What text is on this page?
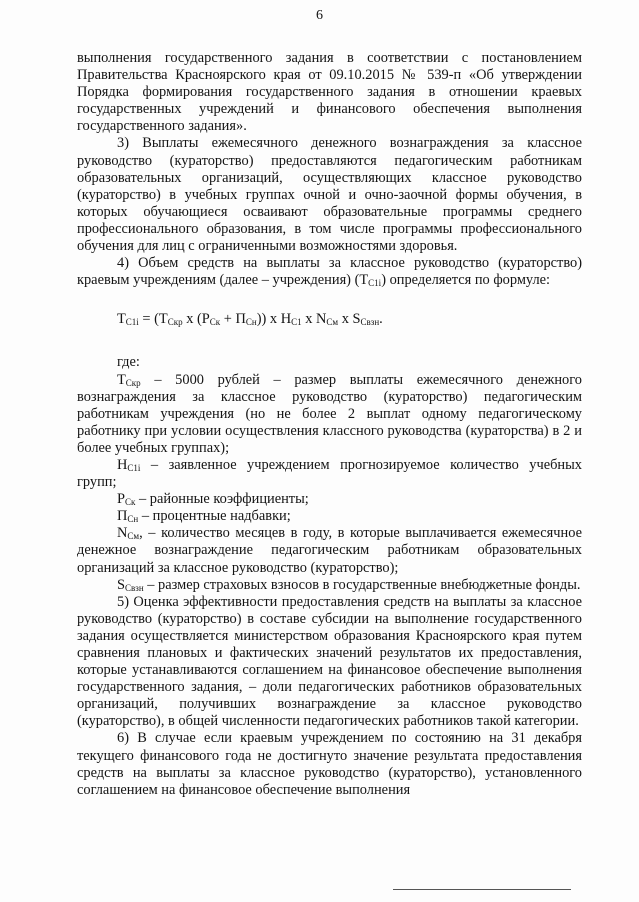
6

выполнения государственного задания в соответствии с постановлением Правительства Красноярского края от 09.10.2015 № 539-п «Об утверждении Порядка формирования государственного задания в отношении краевых государственных учреждений и финансового обеспечения выполнения государственного задания».

3) Выплаты ежемесячного денежного вознаграждения за классное руководство (кураторство) предоставляются педагогическим работникам образовательных организаций, осуществляющих классное руководство (кураторство) в учебных группах очной и очно-заочной формы обучения, в которых обучающиеся осваивают образовательные программы среднего профессионального образования, в том числе программы профессионального обучения для лиц с ограниченными возможностями здоровья.

4) Объем средств на выплаты за классное руководство (кураторство) краевым учреждениям (далее – учреждения) $(Т_{C1i})$ определяется по формуле:

$Т_{C1i} = (Т_{Скр}$ х $(Р_{Ск} + П_{Сн})$) х $Н_{C1}$ х $N_{См}$ х $S_{Свзн}$.

где:

$Т_{Скр} - 5000$ рублей – размер выплаты ежемесячного денежного вознаграждения за классное руководство (кураторство) педагогическим работникам учреждения (но не более 2 выплат одному педагогическому работнику при условии осуществления классного руководства (кураторства) в 2 и более учебных группах);

$Н_{C1i}$ – заявленное учреждением прогнозируемое количество учебных групп;

$Р_{Ск}$ – районные коэффициенты;

$П_{Сн}$ – процентные надбавки;

$N_{См}$, – количество месяцев в году, в которые выплачивается ежемесячное денежное вознаграждение педагогическим работникам образовательных организаций за классное руководство (кураторство);

$S_{Свзн}$ – размер страховых взносов в государственные внебюджетные фонды.

5) Оценка эффективности предоставления средств на выплаты за классное руководство (кураторство) в составе субсидии на выполнение государственного задания осуществляется министерством образования Красноярского края путем сравнения плановых и фактических значений результатов их предоставления, которые устанавливаются соглашением на финансовое обеспечение выполнения государственного задания, – доли педагогических работников образовательных организаций, получивших вознаграждение за классное руководство (кураторство), в общей численности педагогических работников такой категории.

6) В случае если краевым учреждением по состоянию на 31 декабря текущего финансового года не достигнуто значение результата предоставления средств на выплаты за классное руководство (кураторство), установленного соглашением на финансовое обеспечение выполнения
